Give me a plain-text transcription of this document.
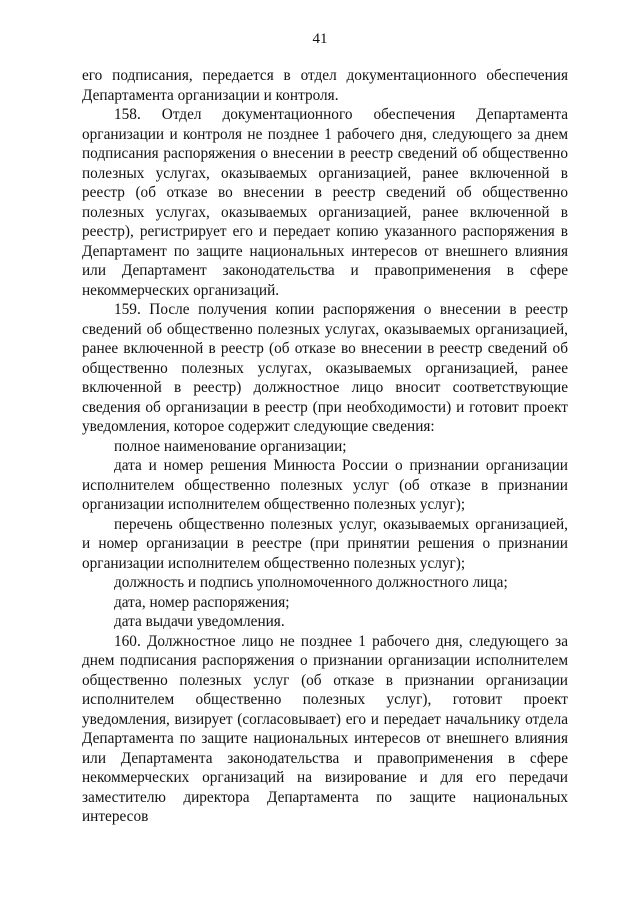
41

его подписания, передается в отдел документационного обеспечения Департамента организации и контроля.

158. Отдел документационного обеспечения Департамента организации и контроля не позднее 1 рабочего дня, следующего за днем подписания распоряжения о внесении в реестр сведений об общественно полезных услугах, оказываемых организацией, ранее включенной в реестр (об отказе во внесении в реестр сведений об общественно полезных услугах, оказываемых организацией, ранее включенной в реестр), регистрирует его и передает копию указанного распоряжения в Департамент по защите национальных интересов от внешнего влияния или Департамент законодательства и правоприменения в сфере некоммерческих организаций.

159. После получения копии распоряжения о внесении в реестр сведений об общественно полезных услугах, оказываемых организацией, ранее включенной в реестр (об отказе во внесении в реестр сведений об общественно полезных услугах, оказываемых организацией, ранее включенной в реестр) должностное лицо вносит соответствующие сведения об организации в реестр (при необходимости) и готовит проект уведомления, которое содержит следующие сведения:

полное наименование организации;

дата и номер решения Минюста России о признании организации исполнителем общественно полезных услуг (об отказе в признании организации исполнителем общественно полезных услуг);

перечень общественно полезных услуг, оказываемых организацией, и номер организации в реестре (при принятии решения о признании организации исполнителем общественно полезных услуг);

должность и подпись уполномоченного должностного лица;

дата, номер распоряжения;

дата выдачи уведомления.

160. Должностное лицо не позднее 1 рабочего дня, следующего за днем подписания распоряжения о признании организации исполнителем общественно полезных услуг (об отказе в признании организации исполнителем общественно полезных услуг), готовит проект уведомления, визирует (согласовывает) его и передает начальнику отдела Департамента по защите национальных интересов от внешнего влияния или Департамента законодательства и правоприменения в сфере некоммерческих организаций на визирование и для его передачи заместителю директора Департамента по защите национальных интересов
